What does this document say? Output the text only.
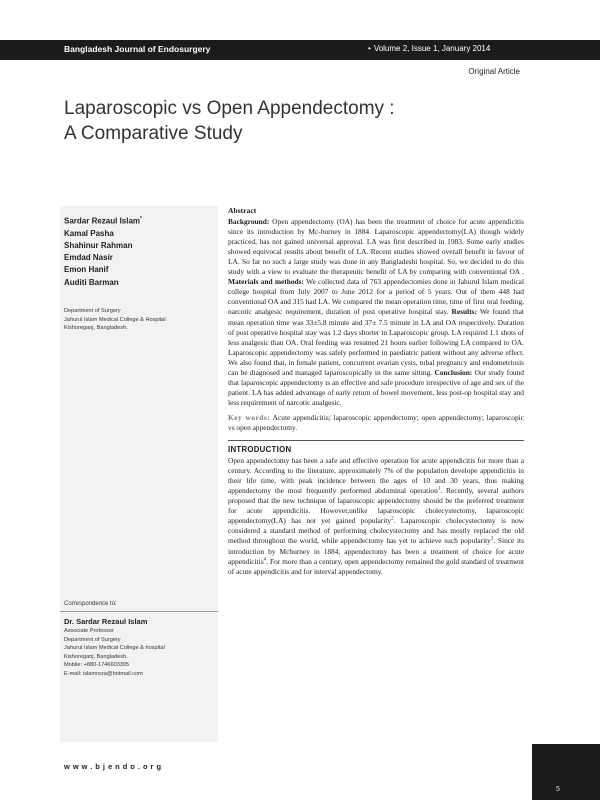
Bangladesh Journal of Endosurgery	• Volume 2, Issue 1, January 2014
Original Article
Laparoscopic vs Open Appendectomy :
A Comparative Study
Sardar Rezaul Islam*
Kamal Pasha
Shahinur Rahman
Emdad Nasir
Emon Hanif
Auditi Barman
Department of Surgery
Jahurul Islam Medical College & Hospital
Kishoreganj, Bangladesh.
Correspondence to:
Dr. Sardar Rezaul Islam
Associate Professor
Department of Surgery
Jahurul Islam Medical College & hospital
Kishoreganj, Bangladesh.
Mobile: +880-1746603305
E-mail: islamreza@hotmail.com
Abstract

Background: Open appendectomy (OA) has been the treatment of choice for acute appendicitis since its introduction by Mc-burney in 1884. Laparoscopic appendectomy(LA) though widely practiced, has not gained universal approval. LA was first described in 1983. Some early studies showed equivocal results about benefit of LA. Recent studies showed overall benefit in favour of LA. So far no such a large study was done in any Bangladeshi hospital. So, we decided to do this study with a view to evaluate the therapeutic benefit of LA by comparing with conventional OA . Materials and methods: We collected data of 763 appendectomies done in Jahurul Islam medical college hospital from July 2007 to June 2012 for a period of 5 years. Out of them 448 had conventional OA and 315 had LA. We compared the mean operation time, time of first oral feeding, narcotic analgesic requirement, duration of post operative hospital stay. Results: We found that mean operation time was 33±5.8 minute and 37± 7.5 minute in LA and OA respectively. Duration of post operative hospital stay was 1.2 days shorter in Laparoscopic group. LA required 1.1 shots of less analgesic than OA. Oral feeding was resumed 21 hours earlier following LA compared to OA. Laparoscopic appendectomy was safely performed in paediatric patient without any adverse effect. We also found that, in female patient, concurrent ovarian cysts, tubal pregnancy and endometriosis can be diagnosed and managed laparoscopically in the same sitting. Conclusion: Our study found that laparoscopic appendectomy is an effective and safe procedure irrespective of age and sex of the patient. LA has added advantage of early return of bowel movement, less post-op hospital stay and less requirement of narcotic analgesic.

Key words: Acute appendicitis; laparoscopic appendectomy; open appendectomy; laparoscopic vs open appendectomy.

INTRODUCTION

Open appendectomy has been a safe and effective operation for acute appendicitis for more than a century. According to the literature, approximately 7% of the population develope appendicitis in their life time, with peak incidence between the ages of 10 and 30 years, thus making appendectomy the most frequently performed abdominal operation$^1$. Recently, several authors proposed that the new technique of laparoscopic appendectomy should be the preferred treatment for acute appendicitis. However,unlike laparoscopic cholecystectomy, laparoscopic appendectomy(LA) has not yet gained popularity$^2$. Laparoscopic cholecystectomy is now considered a standard method of performing cholecystectomy and has mostly replaced the old method throughout the world, while appendectomy has yet to achieve such popularity$^3$. Since its introduction by Mcburney in 1884, appendectomy has been a treatment of choice for acute appendicitis$^4$. For more than a century, open appendectomy remained the gold standard of treatment of acute appendicitis and for interval appendectomy.

www.bjendo.org
5
